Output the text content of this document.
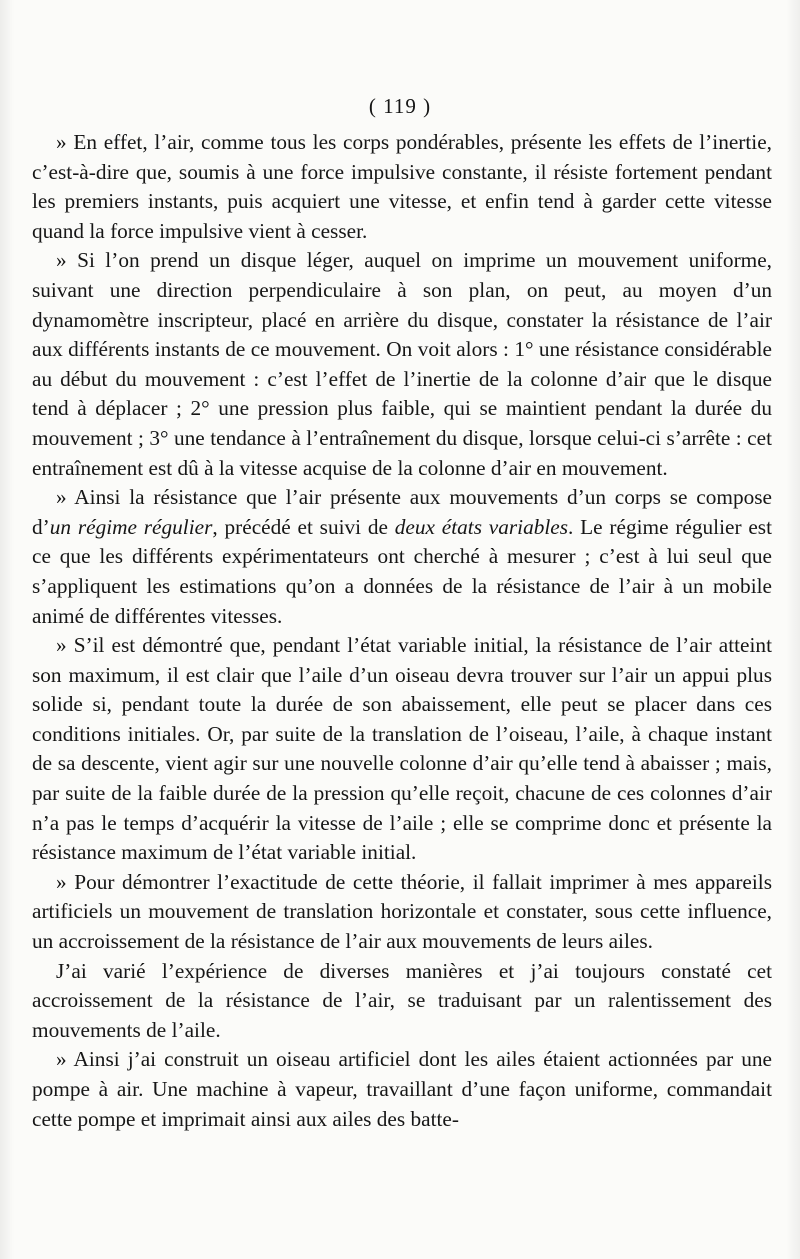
( 119 )

» En effet, l’air, comme tous les corps pondérables, présente les effets de l’inertie, c’est-à-dire que, soumis à une force impulsive constante, il résiste fortement pendant les premiers instants, puis acquiert une vitesse, et enfin tend à garder cette vitesse quand la force impulsive vient à cesser.

» Si l’on prend un disque léger, auquel on imprime un mouvement uniforme, suivant une direction perpendiculaire à son plan, on peut, au moyen d’un dynamomètre inscripteur, placé en arrière du disque, constater la résistance de l’air aux différents instants de ce mouvement. On voit alors : 1° une résistance considérable au début du mouvement : c’est l’effet de l’inertie de la colonne d’air que le disque tend à déplacer ; 2° une pression plus faible, qui se maintient pendant la durée du mouvement ; 3° une tendance à l’entraînement du disque, lorsque celui-ci s’arrête : cet entraînement est dû à la vitesse acquise de la colonne d’air en mouvement.

» Ainsi la résistance que l’air présente aux mouvements d’un corps se compose d’un régime régulier, précédé et suivi de deux états variables. Le régime régulier est ce que les différents expérimentateurs ont cherché à mesurer ; c’est à lui seul que s’appliquent les estimations qu’on a données de la résistance de l’air à un mobile animé de différentes vitesses.

» S’il est démontré que, pendant l’état variable initial, la résistance de l’air atteint son maximum, il est clair que l’aile d’un oiseau devra trouver sur l’air un appui plus solide si, pendant toute la durée de son abaissement, elle peut se placer dans ces conditions initiales. Or, par suite de la translation de l’oiseau, l’aile, à chaque instant de sa descente, vient agir sur une nouvelle colonne d’air qu’elle tend à abaisser ; mais, par suite de la faible durée de la pression qu’elle reçoit, chacune de ces colonnes d’air n’a pas le temps d’acquérir la vitesse de l’aile ; elle se comprime donc et présente la résistance maximum de l’état variable initial.

» Pour démontrer l’exactitude de cette théorie, il fallait imprimer à mes appareils artificiels un mouvement de translation horizontale et constater, sous cette influence, un accroissement de la résistance de l’air aux mouvements de leurs ailes.

J’ai varié l’expérience de diverses manières et j’ai toujours constaté cet accroissement de la résistance de l’air, se traduisant par un ralentissement des mouvements de l’aile.

» Ainsi j’ai construit un oiseau artificiel dont les ailes étaient actionnées par une pompe à air. Une machine à vapeur, travaillant d’une façon uniforme, commandait cette pompe et imprimait ainsi aux ailes des batte-
